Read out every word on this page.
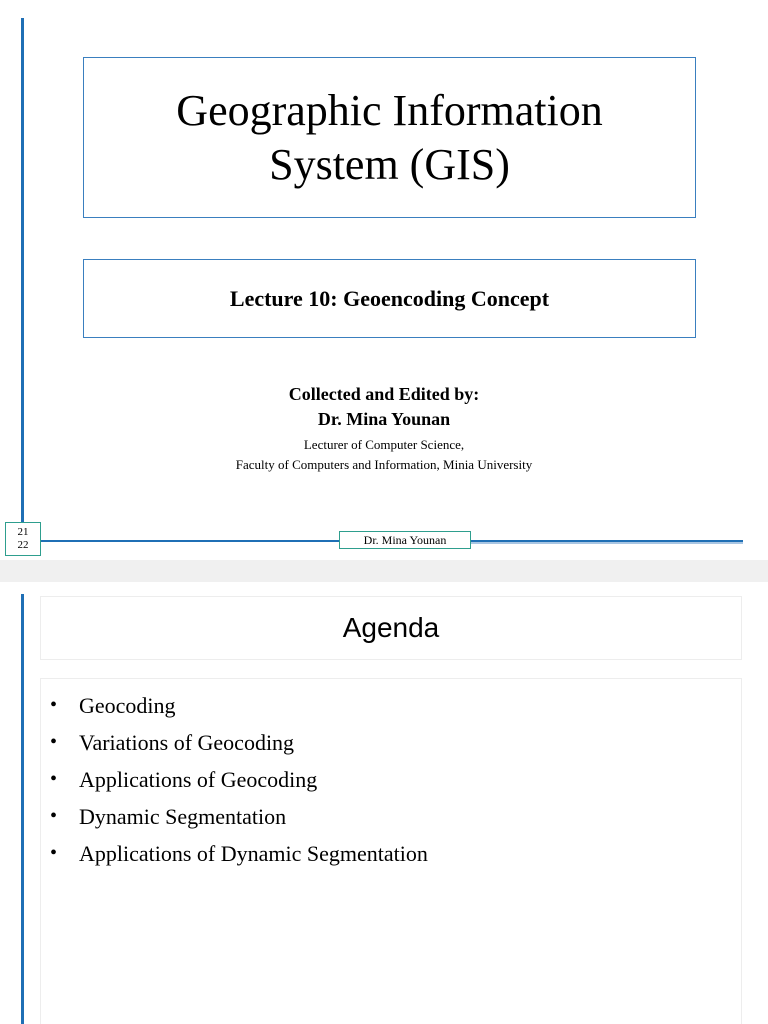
Geographic Information
System (GIS)
Lecture 10: Geoencoding Concept
Collected and Edited by:
Dr. Mina Younan
Lecturer of Computer Science,
Faculty of Computers and Information, Minia University
21
22	Dr. Mina Younan
Agenda
• Geocoding
• Variations of Geocoding
• Applications of Geocoding
• Dynamic Segmentation
• Applications of Dynamic Segmentation
